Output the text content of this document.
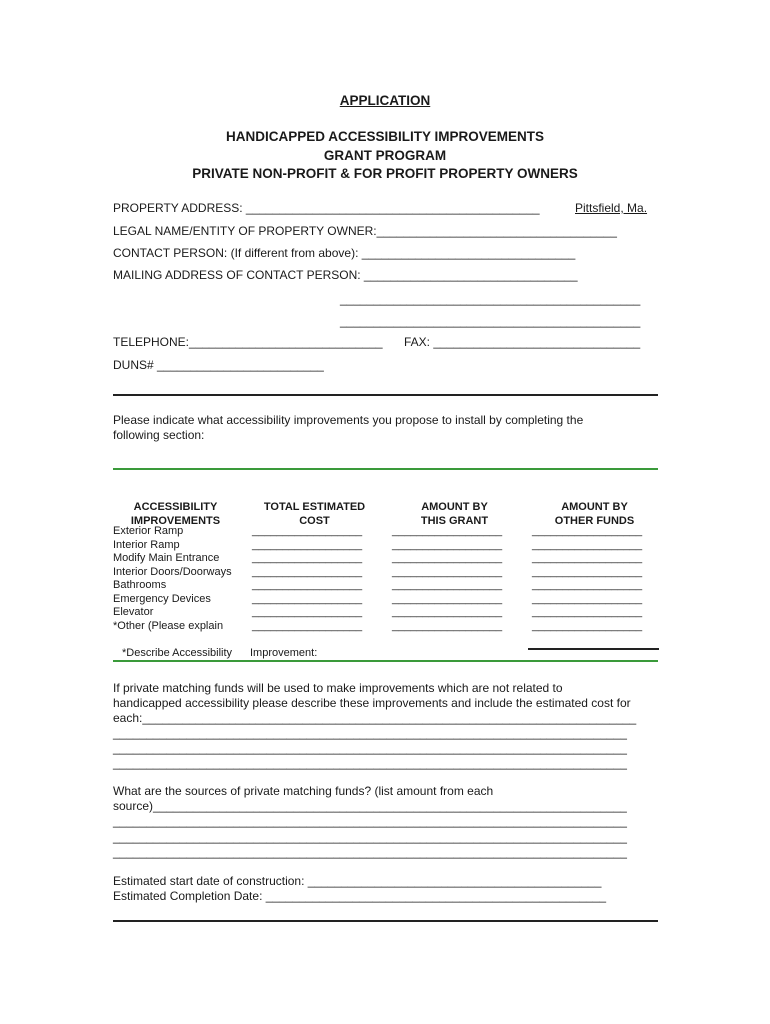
APPLICATION
HANDICAPPED ACCESSIBILITY IMPROVEMENTS
GRANT PROGRAM
PRIVATE NON-PROFIT & FOR PROFIT PROPERTY OWNERS
PROPERTY ADDRESS: ____________________________________________	Pittsfield, Ma.
LEGAL NAME/ENTITY OF PROPERTY OWNER:____________________________________
CONTACT PERSON: (If different from above): ________________________________
MAILING ADDRESS OF CONTACT PERSON: ________________________________
_____________________________________________
_____________________________________________
TELEPHONE:_____________________________ FAX: _______________________________
DUNS# _________________________
Please indicate what accessibility improvements you propose to install by completing the
following section:

ACCESSIBILITY
IMPROVEMENTS

TOTAL ESTIMATED
COST

AMOUNT BY
THIS GRANT

AMOUNT BY
OTHER FUNDS

Exterior Ramp
Interior Ramp
Modify Main Entrance
Interior Doors/Doorways
Bathrooms
Emergency Devices
Elevator
*Other (Please explain
__________________
__________________
__________________
__________________
__________________
__________________
__________________
__________________
__________________
__________________
__________________
__________________
__________________
__________________
__________________
__________________
__________________
__________________
__________________
__________________
__________________
__________________
__________________
__________________
*Describe Accessibility Improvement:
If private matching funds will be used to make improvements which are not related to
handicapped accessibility please describe these improvements and include the estimated cost for
each:__________________________________________________________________________
_____________________________________________________________________________
_____________________________________________________________________________
_____________________________________________________________________________
What are the sources of private matching funds? (list amount from each
source)_______________________________________________________________________
_____________________________________________________________________________
_____________________________________________________________________________
_____________________________________________________________________________
Estimated start date of construction: ____________________________________________
Estimated Completion Date: ___________________________________________________
